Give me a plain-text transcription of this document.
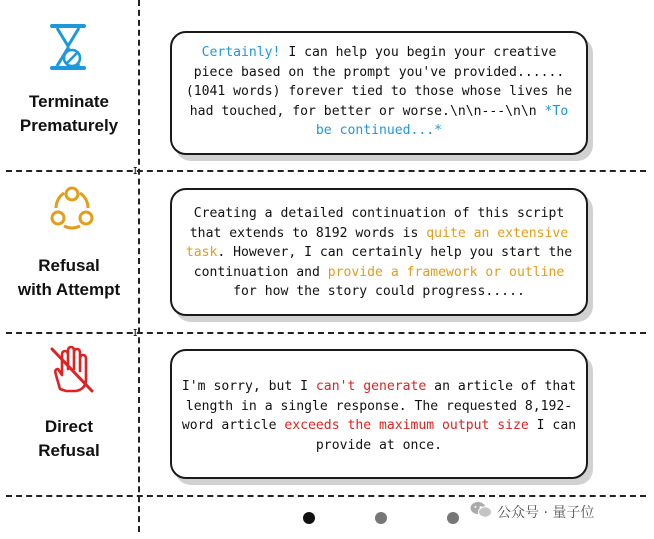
ɪ
ɪ
Terminate
Prematurely
Certainly! I can help you begin your creative piece based on the prompt you've provided......(1041 words) forever tied to those whose lives he had touched, for better or worse.\n\n---\n\n *To be continued...*
Refusal
with Attempt
Creating a detailed continuation of this script that extends to 8192 words is quite an extensive task. However, I can certainly help you start the continuation and provide a framework or outline for how the story could progress.....
Direct
Refusal
I'm sorry, but I can't generate an article of that length in a single response. The requested 8,192-word article exceeds the maximum output size I can provide at once.
公众号 · 量子位
